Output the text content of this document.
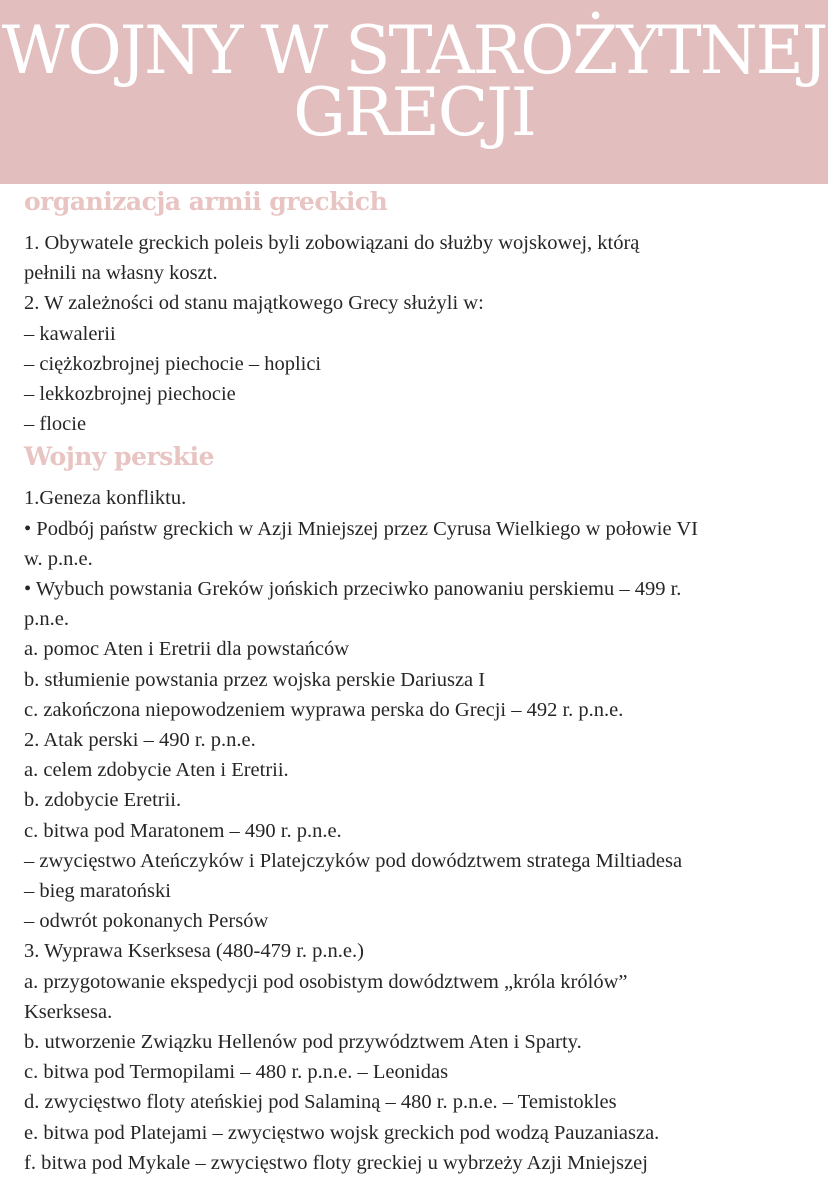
WOJNY W STAROŻYTNEJ
GRECJI
organizacja armii greckich
1. Obywatele greckich poleis byli zobowiązani do służby wojskowej, którą
pełnili na własny koszt.
2. W zależności od stanu majątkowego Grecy służyli w:
– kawalerii
– ciężkozbrojnej piechocie – hoplici
– lekkozbrojnej piechocie
– flocie
Wojny perskie
1.Geneza konfliktu.
• Podbój państw greckich w Azji Mniejszej przez Cyrusa Wielkiego w połowie VI
w. p.n.e.
• Wybuch powstania Greków jońskich przeciwko panowaniu perskiemu – 499 r.
p.n.e.
a. pomoc Aten i Eretrii dla powstańców
b. stłumienie powstania przez wojska perskie Dariusza I
c. zakończona niepowodzeniem wyprawa perska do Grecji – 492 r. p.n.e.
2. Atak perski – 490 r. p.n.e.
a. celem zdobycie Aten i Eretrii.
b. zdobycie Eretrii.
c. bitwa pod Maratonem – 490 r. p.n.e.
– zwycięstwo Ateńczyków i Platejczyków pod dowództwem stratega Miltiadesa
– bieg maratoński
– odwrót pokonanych Persów
3. Wyprawa Kserksesa (480-479 r. p.n.e.)
a. przygotowanie ekspedycji pod osobistym dowództwem „króla królów”
Kserksesa.
b. utworzenie Związku Hellenów pod przywództwem Aten i Sparty.
c. bitwa pod Termopilami – 480 r. p.n.e. – Leonidas
d. zwycięstwo floty ateńskiej pod Salaminą – 480 r. p.n.e. – Temistokles
e. bitwa pod Platejami – zwycięstwo wojsk greckich pod wodzą Pauzaniasza.
f. bitwa pod Mykale – zwycięstwo floty greckiej u wybrzeży Azji Mniejszej
